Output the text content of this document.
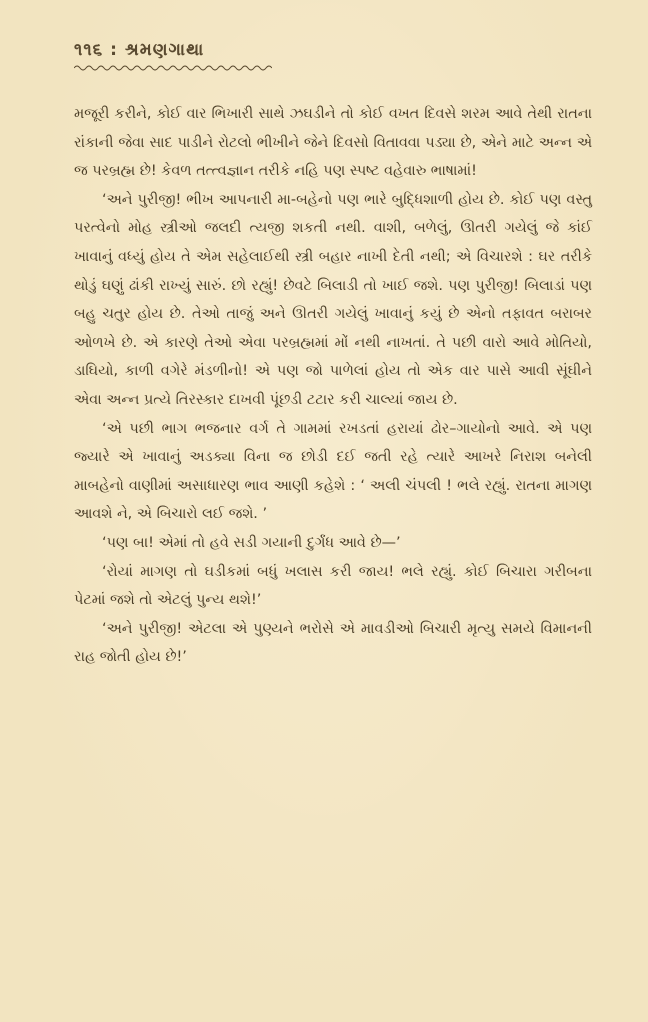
૧૧૬ : શ્રમણગાથા

મજૂરી કરીને, કોઈ વાર ભિખારી સાથે ઝઘડીને તો કોઈ વખત દિવસે શરમ આવે તેથી રાતના રાંકાની જેવા સાદ પાડીને રોટલો ભીખીને જેને દિવસો વિતાવવા પડ્યા છે, એને માટે અન્ન એ જ પરબ્રહ્મ છે! કેવળ તત્ત્વજ્ઞાન તરીકે નહિ પણ સ્પષ્ટ વહેવારુ ભાષામાં!

‘અને પુરીજી! ભીખ આપનારી મા-બહેનો પણ ભારે બુદ્ધિશાળી હોય છે. કોઈ પણ વસ્તુ પરત્વેનો મોહ સ્ત્રીઓ જલદી ત્યજી શકતી નથી. વાશી, બળેલું, ઊતરી ગયેલું જે કાંઈ ખાવાનું વધ્યું હોય તે એમ સહેલાઈથી સ્ત્રી બહાર નાખી દેતી નથી; એ વિચારશે : ઘર તરીકે થોડું ઘણું ઢાંકી રાખ્યું સારું. છો રહ્યું! છેવટે બિલાડી તો ખાઈ જશે. પણ પુરીજી! બિલાડાં પણ બહુ ચતુર હોય છે. તેઓ તાજું અને ઊતરી ગયેલું ખાવાનું કયું છે એનો તફાવત બરાબર ઓળખે છે. એ કારણે તેઓ એવા પરબ્રહ્મમાં મોં નથી નાખતાં. તે પછી વારો આવે મોતિયો, ડાઘિયો, કાળી વગેરે મંડળીનો! એ પણ જો પાળેલાં હોય તો એક વાર પાસે આવી સૂંઘીને એવા અન્ન પ્રત્યે તિરસ્કાર દાખવી પૂંછડી ટટાર કરી ચાલ્યાં જાય છે.

‘એ પછી ભાગ ભજનાર વર્ગ તે ગામમાં રખડતાં હરાયાં ઢોર–ગાયોનો આવે. એ પણ જ્યારે એ ખાવાનું અડક્યા વિના જ છોડી દઈ જતી રહે ત્યારે આખરે નિરાશ બનેલી માબહેનો વાણીમાં અસાધારણ ભાવ આણી કહેશે : ‘ અલી ચંપલી ! ભલે રહ્યું. રાતના માગણ આવશે ને, એ બિચારો લઈ જશે. ’

‘પણ બા! એમાં તો હવે સડી ગયાની દુર્ગંધ આવે છે—’

‘રોયાં માગણ તો ઘડીકમાં બધું ખલાસ કરી જાય! ભલે રહ્યું. કોઈ બિચારા ગરીબના પેટમાં જશે તો એટલું પુન્ય થશે!’

‘અને પુરીજી! એટલા એ પુણ્યને ભરોસે એ માવડીઓ બિચારી મૃત્યુ સમયે વિમાનની રાહ જોતી હોય છે!’
